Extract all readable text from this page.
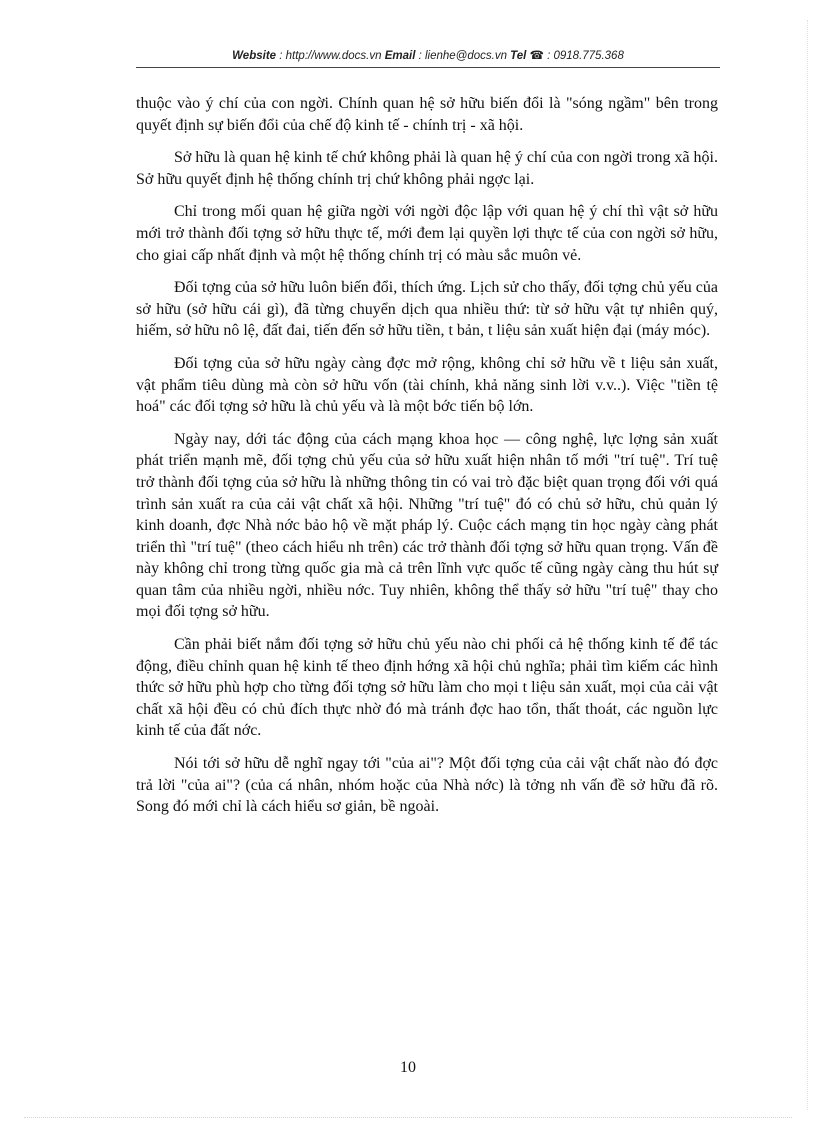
Website : http://www.docs.vn Email : lienhe@docs.vn Tel ☎ : 0918.775.368

thuộc vào ý chí của con ngời. Chính quan hệ sở hữu biến đổi là "sóng ngầm" bên trong quyết định sự biến đổi của chế độ kinh tế - chính trị - xã hội.

Sở hữu là quan hệ kinh tế chứ không phải là quan hệ ý chí của con ngời trong xã hội. Sở hữu quyết định hệ thống chính trị chứ không phải ngợc lại.

Chỉ trong mối quan hệ giữa ngời với ngời độc lập với quan hệ ý chí thì vật sở hữu mới trở thành đối tợng sở hữu thực tế, mới đem lại quyền lợi thực tế của con ngời sở hữu, cho giai cấp nhất định và một hệ thống chính trị có màu sắc muôn vẻ.

Đối tợng của sở hữu luôn biến đổi, thích ứng. Lịch sử cho thấy, đối tợng chủ yếu của sở hữu (sở hữu cái gì), đã từng chuyển dịch qua nhiều thứ: từ sở hữu vật tự nhiên quý, hiếm, sở hữu nô lệ, đất đai, tiến đến sở hữu tiền, t bản, t liệu sản xuất hiện đại (máy móc).

Đối tợng của sở hữu ngày càng đợc mở rộng, không chỉ sở hữu về t liệu sản xuất, vật phẩm tiêu dùng mà còn sở hữu vốn (tài chính, khả năng sinh lời v.v..). Việc "tiền tệ hoá" các đối tợng sở hữu là chủ yếu và là một bớc tiến bộ lớn.

Ngày nay, dới tác động của cách mạng khoa học — công nghệ, lực lợng sản xuất phát triển mạnh mẽ, đối tợng chủ yếu của sở hữu xuất hiện nhân tố mới "trí tuệ". Trí tuệ trở thành đối tợng của sở hữu là những thông tin có vai trò đặc biệt quan trọng đối với quá trình sản xuất ra của cải vật chất xã hội. Những "trí tuệ" đó có chủ sở hữu, chủ quản lý kinh doanh, đợc Nhà nớc bảo hộ về mặt pháp lý. Cuộc cách mạng tin học ngày càng phát triển thì "trí tuệ" (theo cách hiểu nh trên) các trở thành đối tợng sở hữu quan trọng. Vấn đề này không chỉ trong từng quốc gia mà cả trên lĩnh vực quốc tế cũng ngày càng thu hút sự quan tâm của nhiều ngời, nhiều nớc. Tuy nhiên, không thể thấy sở hữu "trí tuệ" thay cho mọi đối tợng sở hữu.

Cần phải biết nắm đối tợng sở hữu chủ yếu nào chi phối cả hệ thống kinh tế để tác động, điều chỉnh quan hệ kinh tế theo định hớng xã hội chủ nghĩa; phải tìm kiếm các hình thức sở hữu phù hợp cho từng đối tợng sở hữu làm cho mọi t liệu sản xuất, mọi của cải vật chất xã hội đều có chủ đích thực nhờ đó mà tránh đợc hao tổn, thất thoát, các nguồn lực kinh tế của đất nớc.

Nói tới sở hữu dễ nghĩ ngay tới "của ai"? Một đối tợng của cải vật chất nào đó đợc trả lời "của ai"? (của cá nhân, nhóm hoặc của Nhà nớc) là tởng nh vấn đề sở hữu đã rõ. Song đó mới chỉ là cách hiểu sơ giản, bề ngoài.

10
